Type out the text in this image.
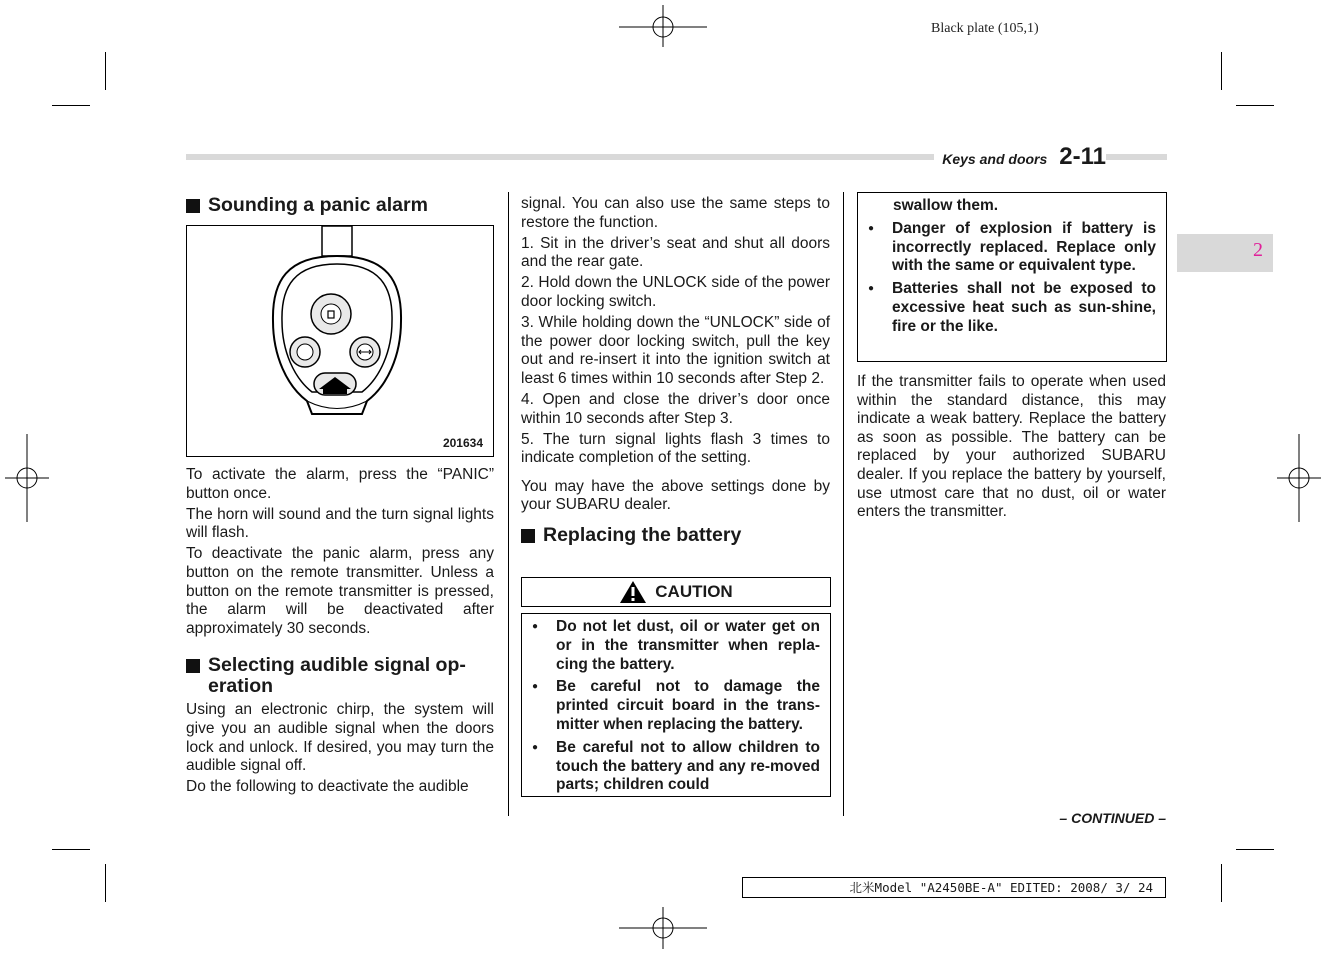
Black plate (105,1)
Keys and doors 2-11
2
Sounding a panic alarm
201634

To activate the alarm, press the “PANIC” button once.

The horn will sound and the turn signal lights will flash.

To deactivate the panic alarm, press any button on the remote transmitter. Unless a button on the remote transmitter is pressed, the alarm will be deactivated after approximately 30 seconds.

Selecting audible signal op-eration

Using an electronic chirp, the system will give you an audible signal when the doors lock and unlock. If desired, you may turn the audible signal off.

Do the following to deactivate the audible

signal. You can also use the same steps to restore the function.

1. Sit in the driver’s seat and shut all doors and the rear gate.

2. Hold down the UNLOCK side of the power door locking switch.

3. While holding down the “UNLOCK” side of the power door locking switch, pull the key out and re-insert it into the ignition switch at least 6 times within 10 seconds after Step 2.

4. Open and close the driver’s door once within 10 seconds after Step 3.

5. The turn signal lights flash 3 times to indicate completion of the setting.

You may have the above settings done by your SUBARU dealer.

Replacing the battery
CAUTION
● Do not let dust, oil or water get on or in the transmitter when repla-cing the battery.
● Be careful not to damage the printed circuit board in the trans-mitter when replacing the battery.
● Be careful not to allow children to touch the battery and any re-moved parts; children could
swallow them.
● Danger of explosion if battery is incorrectly replaced. Replace only with the same or equivalent type.
● Batteries shall not be exposed to excessive heat such as sun-shine, fire or the like.

If the transmitter fails to operate when used within the standard distance, this may indicate a weak battery. Replace the battery as soon as possible. The battery can be replaced by your authorized SUBARU dealer. If you replace the battery by yourself, use utmost care that no dust, oil or water enters the transmitter.

– CONTINUED –
北米Model "A2450BE-A" EDITED: 2008/ 3/ 24
